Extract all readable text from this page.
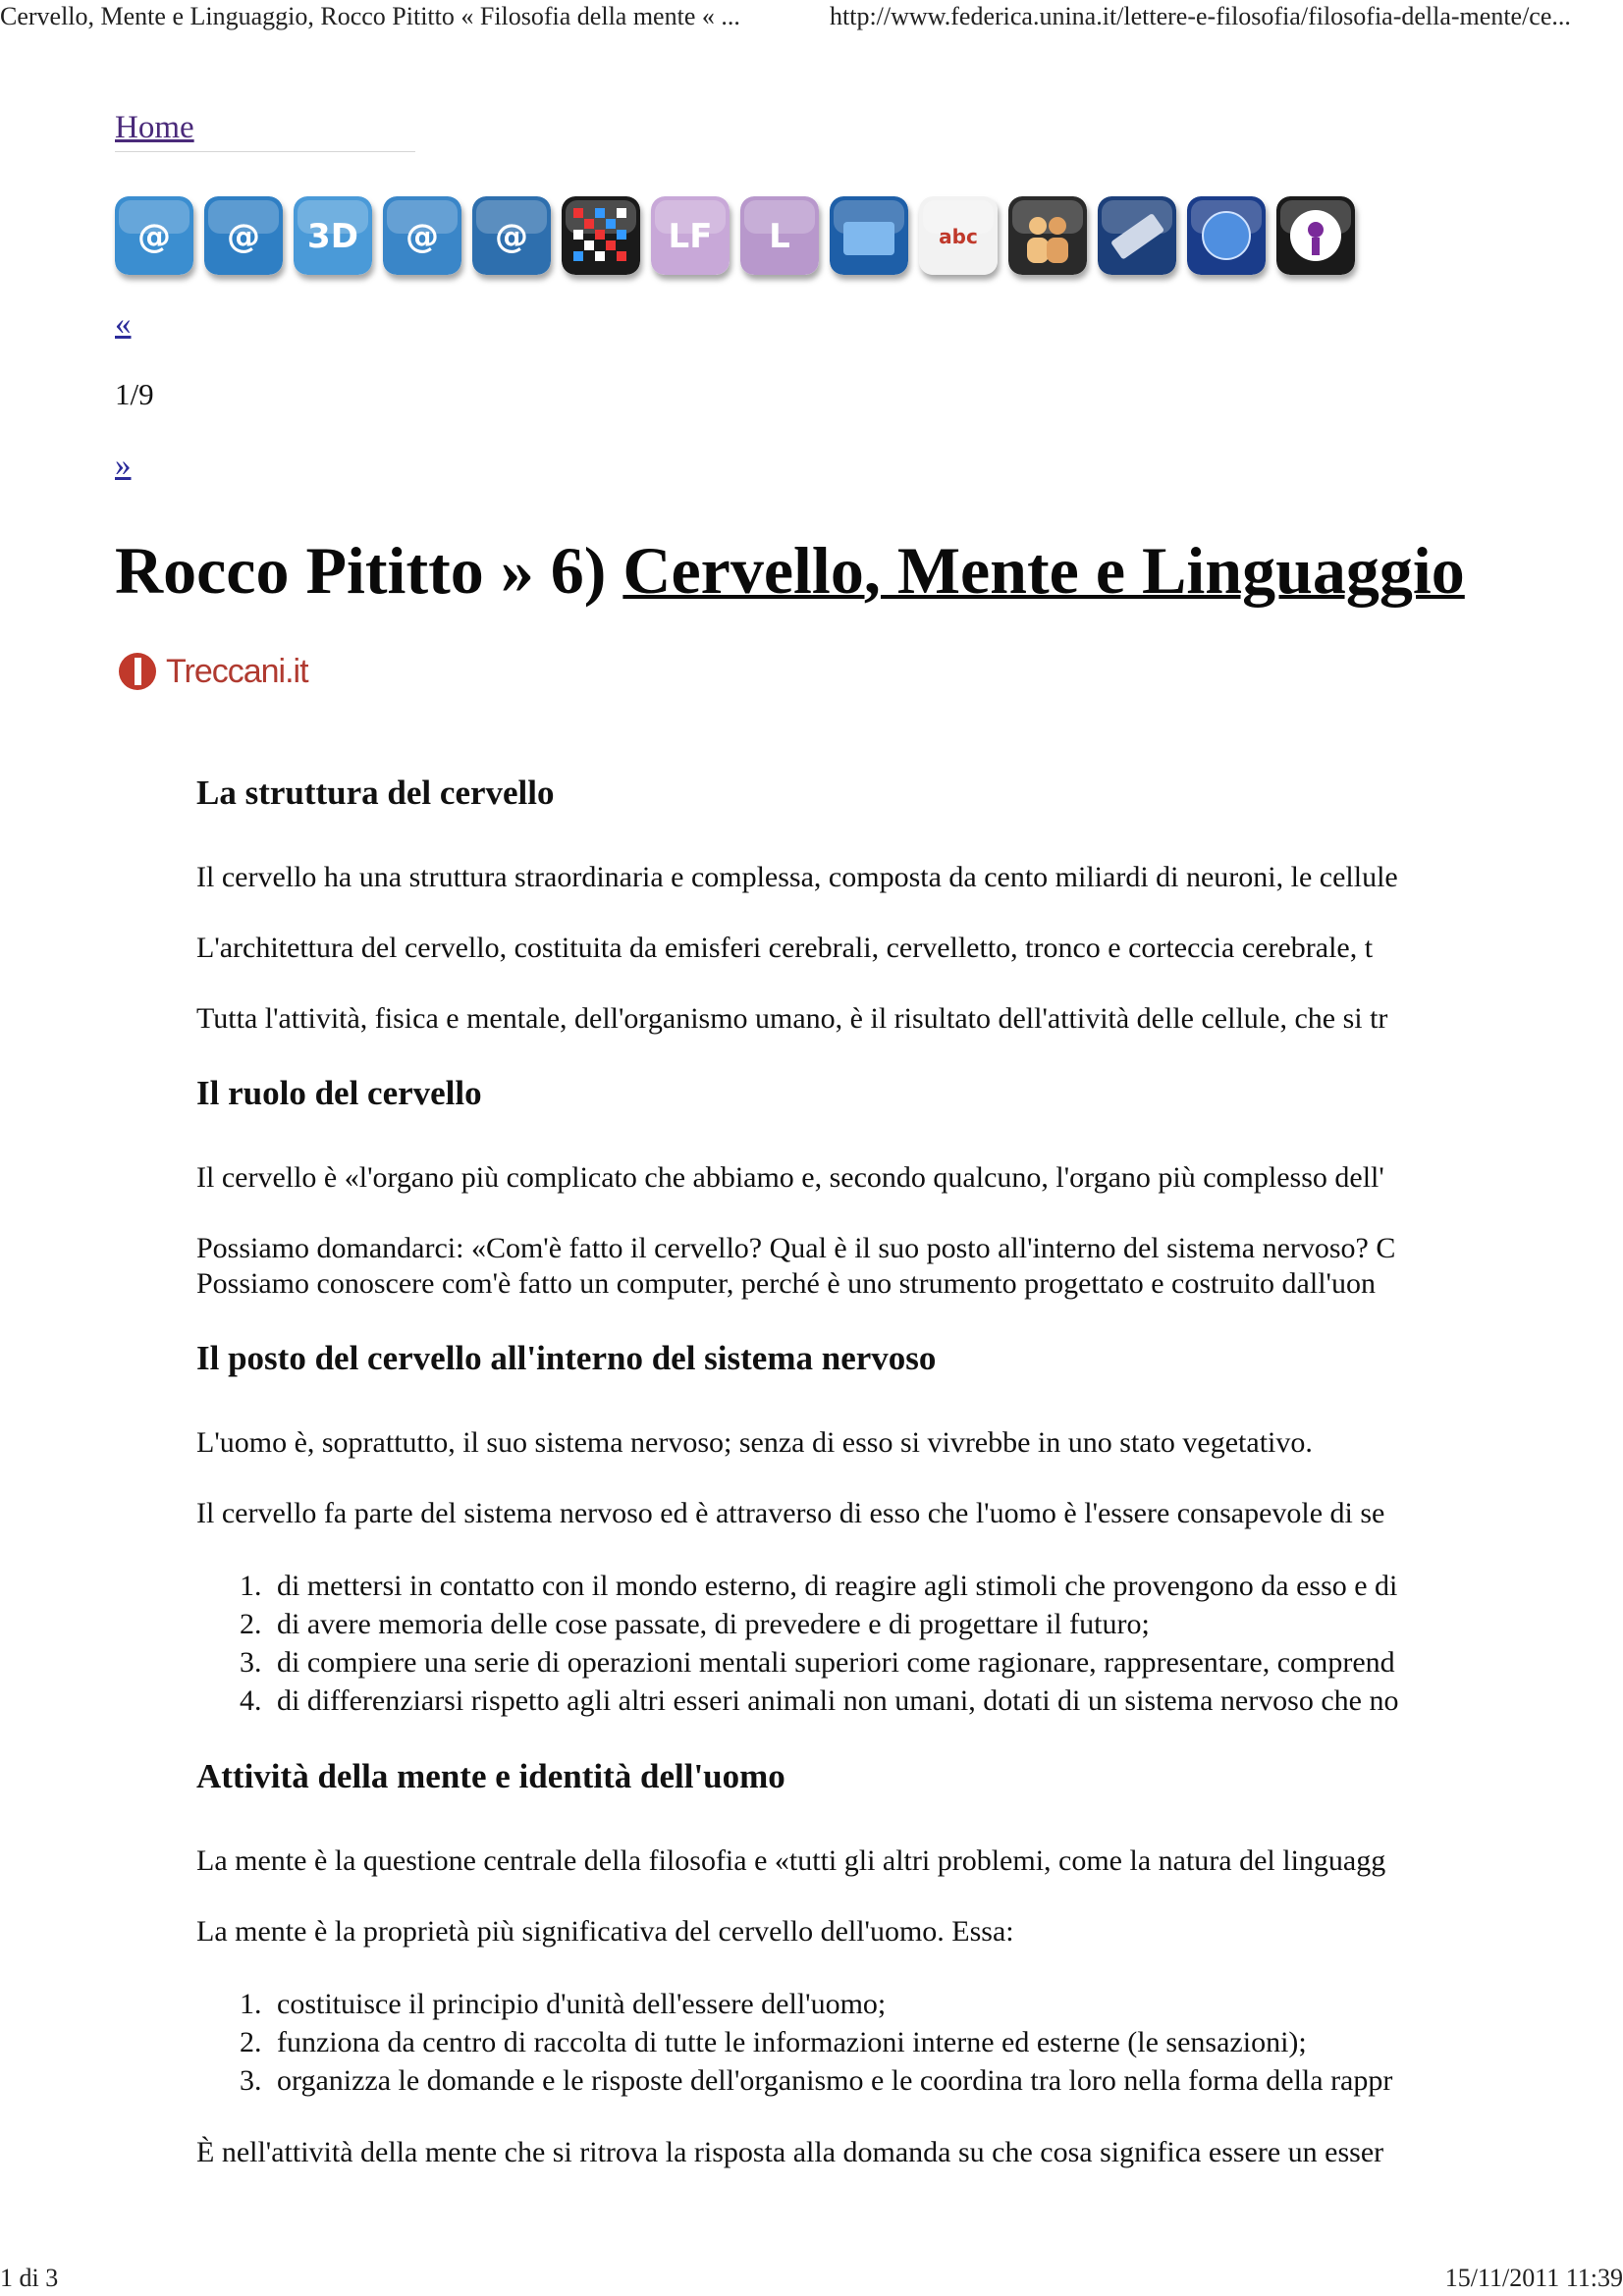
Cervello, Mente e Linguaggio, Rocco Pititto « Filosofia della mente « ...	http://www.federica.unina.it/lettere-e-filosofia/filosofia-della-mente/ce...
Home
@ @ 3D @ @	LF L	abc
«
1/9
»
Rocco Pititto » 6) Cervello, Mente e Linguaggio
Treccani.it
La struttura del cervello

Il cervello ha una struttura straordinaria e complessa, composta da cento miliardi di neuroni, le cellule

L'architettura del cervello, costituita da emisferi cerebrali, cervelletto, tronco e corteccia cerebrale, t

Tutta l'attività, fisica e mentale, dell'organismo umano, è il risultato dell'attività delle cellule, che si tr

Il ruolo del cervello

Il cervello è «l'organo più complicato che abbiamo e, secondo qualcuno, l'organo più complesso dell'

Possiamo domandarci: «Com'è fatto il cervello? Qual è il suo posto all'interno del sistema nervoso? C

Possiamo conoscere com'è fatto un computer, perché è uno strumento progettato e costruito dall'uon

Il posto del cervello all'interno del sistema nervoso

L'uomo è, soprattutto, il suo sistema nervoso; senza di esso si vivrebbe in uno stato vegetativo.

Il cervello fa parte del sistema nervoso ed è attraverso di esso che l'uomo è l'essere consapevole di se

1. di mettersi in contatto con il mondo esterno, di reagire agli stimoli che provengono da esso e di
2. di avere memoria delle cose passate, di prevedere e di progettare il futuro;
3. di compiere una serie di operazioni mentali superiori come ragionare, rappresentare, comprend
4. di differenziarsi rispetto agli altri esseri animali non umani, dotati di un sistema nervoso che no
Attività della mente e identità dell'uomo

La mente è la questione centrale della filosofia e «tutti gli altri problemi, come la natura del linguagg

La mente è la proprietà più significativa del cervello dell'uomo. Essa:

1. costituisce il principio d'unità dell'essere dell'uomo;
2. funziona da centro di raccolta di tutte le informazioni interne ed esterne (le sensazioni);
3. organizza le domande e le risposte dell'organismo e le coordina tra loro nella forma della rappr

È nell'attività della mente che si ritrova la risposta alla domanda su che cosa significa essere un esser

1 di 3	15/11/2011 11:39
